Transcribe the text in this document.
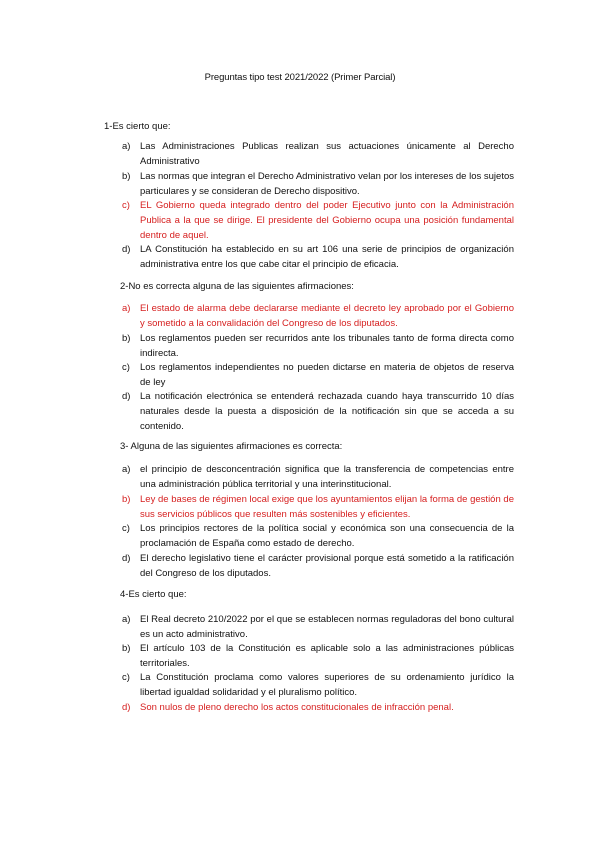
Preguntas tipo test 2021/2022 (Primer Parcial)
1-Es cierto que:
a)	Las Administraciones Publicas realizan sus actuaciones únicamente al Derecho Administrativo
b)	Las normas que integran el Derecho Administrativo velan por los intereses de los sujetos particulares y se consideran de Derecho dispositivo.
c)	EL Gobierno queda integrado dentro del poder Ejecutivo junto con la Administración Publica a la que se dirige. El presidente del Gobierno ocupa una posición fundamental dentro de aquel.
d)	LA Constitución ha establecido en su art 106 una serie de principios de organización administrativa entre los que cabe citar el principio de eficacia.
2-No es correcta alguna de las siguientes afirmaciones:
a)	El estado de alarma debe declararse mediante el decreto ley aprobado por el Gobierno y sometido a la convalidación del Congreso de los diputados.
b)	Los reglamentos pueden ser recurridos ante los tribunales tanto de forma directa como indirecta.
c)	Los reglamentos independientes no pueden dictarse en materia de objetos de reserva de ley
d)	La notificación electrónica se entenderá rechazada cuando haya transcurrido 10 días naturales desde la puesta a disposición de la notificación sin que se acceda a su contenido.
3- Alguna de las siguientes afirmaciones es correcta:
a)	el principio de desconcentración significa que la transferencia de competencias entre una administración pública territorial y una interinstitucional.
b)	Ley de bases de régimen local exige que los ayuntamientos elijan la forma de gestión de sus servicios públicos que resulten más sostenibles y eficientes.
c)	Los principios rectores de la política social y económica son una consecuencia de la proclamación de España como estado de derecho.
d)	El derecho legislativo tiene el carácter provisional porque está sometido a la ratificación del Congreso de los diputados.
4-Es cierto que:
a)	El Real decreto 210/2022 por el que se establecen normas reguladoras del bono cultural es un acto administrativo.
b)	El artículo 103 de la Constitución es aplicable solo a las administraciones públicas territoriales.
c)	La Constitución proclama como valores superiores de su ordenamiento jurídico la libertad igualdad solidaridad y el pluralismo político.
d)	Son nulos de pleno derecho los actos constitucionales de infracción penal.
